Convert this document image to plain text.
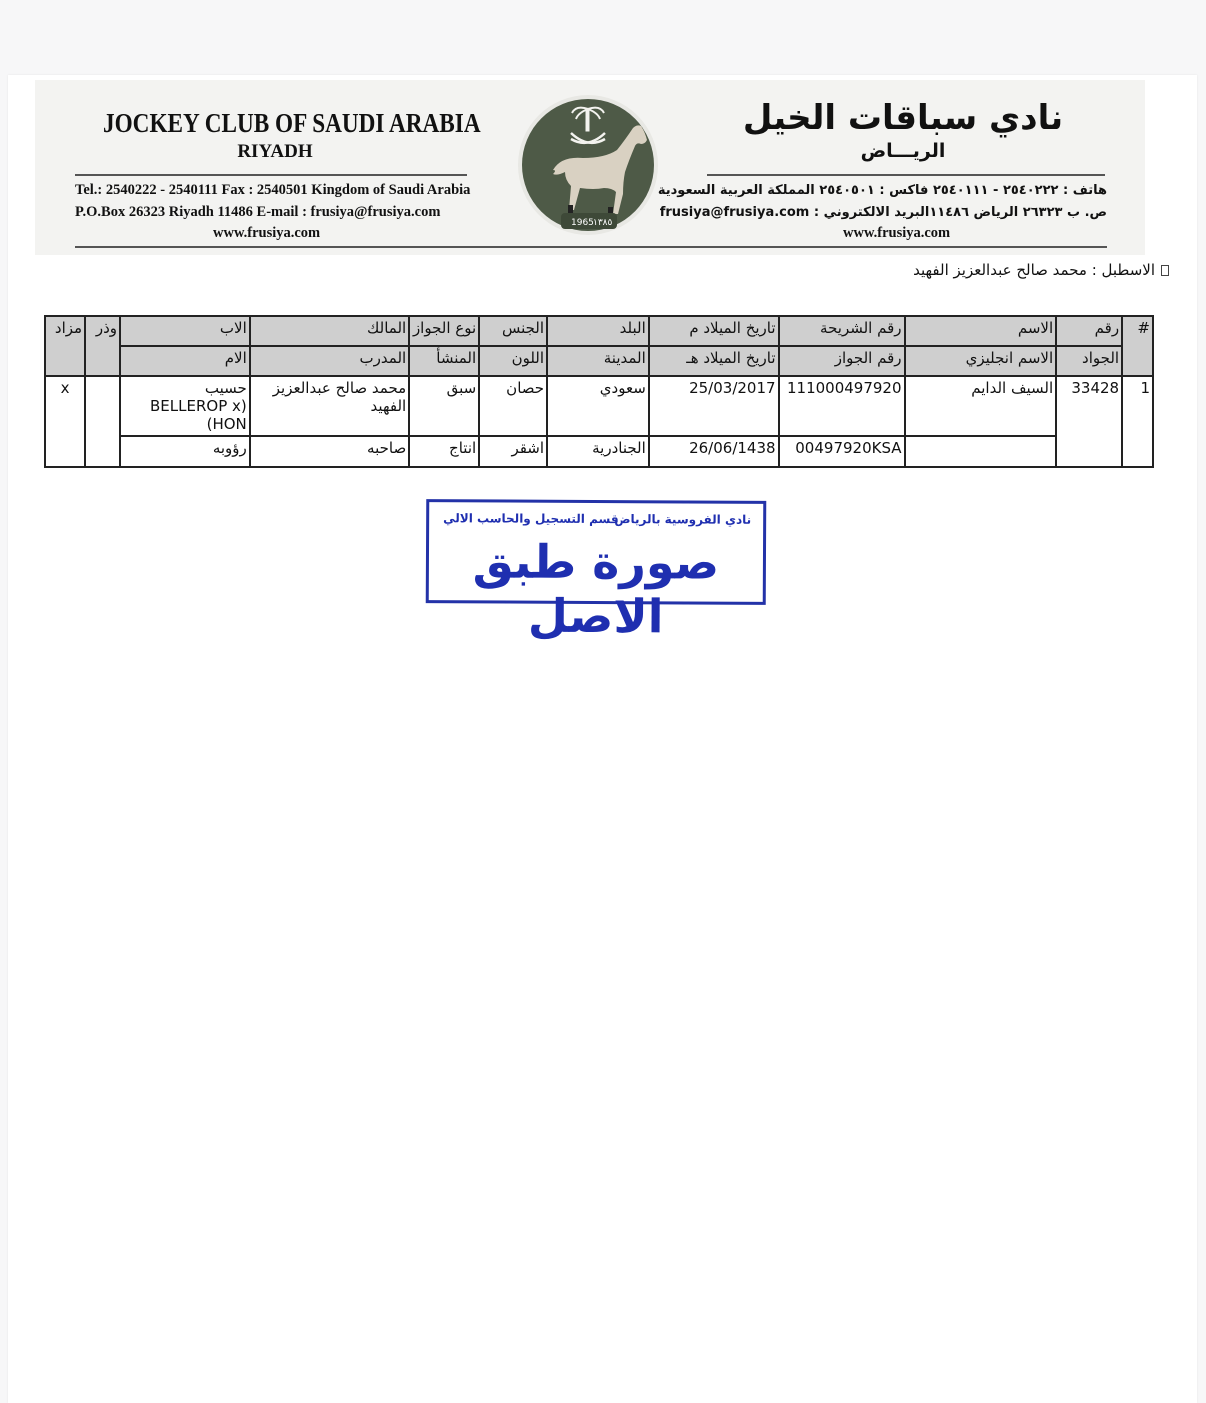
JOCKEY CLUB OF SAUDI ARABIA
RIYADH
Tel.: 2540222 - 2540111 Fax : 2540501 Kingdom of Saudi Arabia
P.O.Box 26323 Riyadh 11486 E-mail : frusiya@frusiya.com
www.frusiya.com
1965 ١٣٨٥
نادي سباقات الخيل
الريـــاض
هاتف : ٢٥٤٠٢٢٢ - ٢٥٤٠١١١ فاكس : ٢٥٤٠٥٠١ المملكة العربية السعودية
ص. ب ٢٦٣٢٣ الرياض ١١٤٨٦البريد الالكتروني : frusiya@frusiya.com
www.frusiya.com
الاسطبل : محمد صالح عبدالعزيز الفهيد
#	رقم	الاسم	رقم الشريحة	تاريخ الميلاد م	البلد	الجنس	نوع الجواز	المالك	الاب	وذر	مزاد
	الجواد	الاسم انجليزي	رقم الجواز	تاريخ الميلاد هـ	المدينة	اللون	المنشأ	المدرب	الام		
1	33428	السيف الدايم	111000497920	25/03/2017	سعودي	حصان	سبق	محمد صالح عبدالعزيز الفهيد	حسيب (BELLEROP x HON)		x
			00497920KSA	26/06/1438	الجنادرية	اشقر	انتاج	صاحبه	رؤوبه		
نادي الفروسية بالرياض
قسم التسجيل والحاسب الالي
صورة طبق الاصل
